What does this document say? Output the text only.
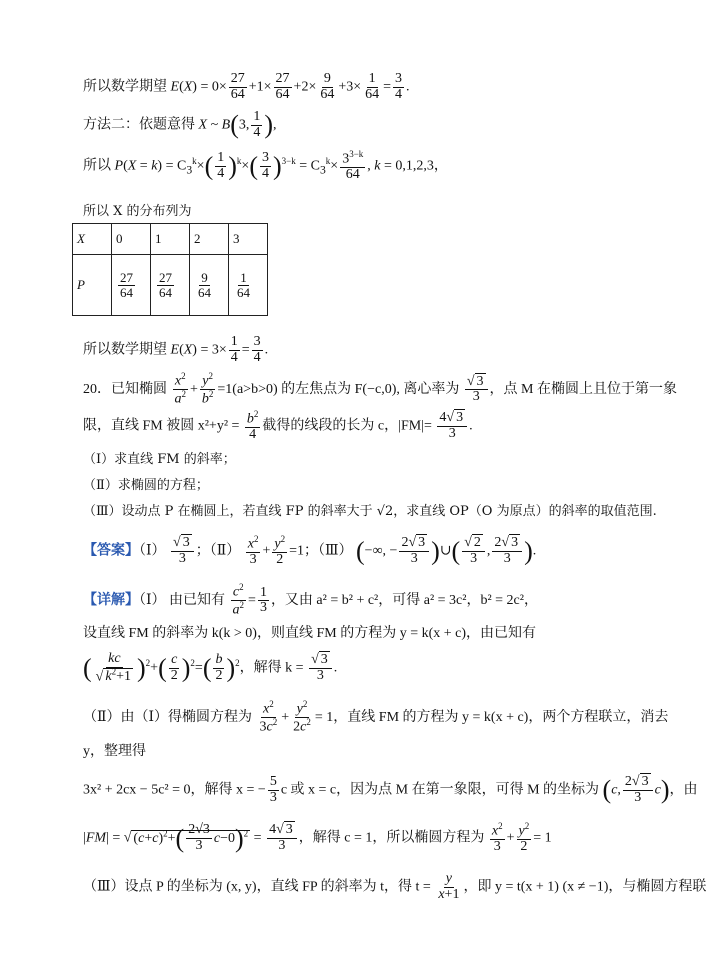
所以数学期望 $E(X) = 0\times \frac{27}{64} +1\times \frac{27}{64} +2\times \frac{9}{64} +3\times \frac{1}{64} = \frac{3}{4}$ .
方法二：依题意得 X ~ B(3, $\frac{1}{4}$ ),
所以 $P(X = k) = C_3^k\times( \frac{1}{4} )^k\times( \frac{3}{4} )^{3-k} = C_3^k\times \frac{3^{3-k}}{64}$ , k = 0,1,2,3，
所以 X 的分布列为
X	0	1	2	3
P	$\frac{27}{64}$	$\frac{27}{64}$	$\frac{9}{64}$	$\frac{1}{64}$
所以数学期望 $E(X) = 3\times \frac{1}{4} = \frac{3}{4}$ .
20．已知椭圆 $\frac{x^2}{a^2} + \frac{y^2}{b^2} =1(a>b>0)$ 的左焦点为 F(−c,0), 离心率为 $\frac{√ 3}{3}$ ，点 M 在椭圆上且位于第一象
限，直线 FM 被圆 $x^2+y^2 = \frac{b^2}{4}$ 截得的线段的长为 c，$|FM|= \frac{4√ 3}{3}$ .
（Ⅰ）求直线 FM 的斜率；
（Ⅱ）求椭圆的方程；
（Ⅲ）设动点 P 在椭圆上，若直线 FP 的斜率大于 √2，求直线 OP（O 为原点）的斜率的取值范围.
【答案】（Ⅰ） $\frac{√ 3}{3}$ ；（Ⅱ） $\frac{x^2}{3} + \frac{y^2}{2} =1$；（Ⅲ） (−∞, − $\frac{2√ 3}{3}$ )∪( $\frac{√ 2}{3}$ , $\frac{2√ 3}{3}$ ).
【详解】（Ⅰ） 由已知有 $\frac{c^2}{a^2} = \frac{1}{3}$ ，又由 a² = b² + c²，可得 a² = 3c²，b² = 2c²，
设直线 FM 的斜率为 k(k > 0)，则直线 FM 的方程为 y = k(x + c)，由已知有
( $\frac{kc}{√ k^2+1} )^2+( \frac{c}{2} )^2=( \frac{b}{2} )^2$，解得 $k = \frac{√ 3}{3}$ .
（Ⅱ）由（Ⅰ）得椭圆方程为 $\frac{x^2}{3c^2} + \frac{y^2}{2c^2} = 1$，直线 FM 的方程为 y = k(x + c)，两个方程联立，消去
y，整理得
3x² + 2cx − 5c² = 0，解得 x = − $\frac{5}{3}$ c 或 x = c，因为点 M 在第一象限，可得 M 的坐标为 (c, $\frac{2√ 3}{3} c$)，由
|FM| = √ $(c+c)^2+( \frac{2√3}{3} c-0)^2 = \frac{4√ 3}{3}$ ，解得 c = 1，所以椭圆方程为 $\frac{x^2}{3} + \frac{y^2}{2} = 1$
（Ⅲ）设点 P 的坐标为 (x, y)，直线 FP 的斜率为 t，得 $t = \frac{y}{x+1}$ ，即 y = t(x + 1) (x ≠ −1)，与椭圆方程联
